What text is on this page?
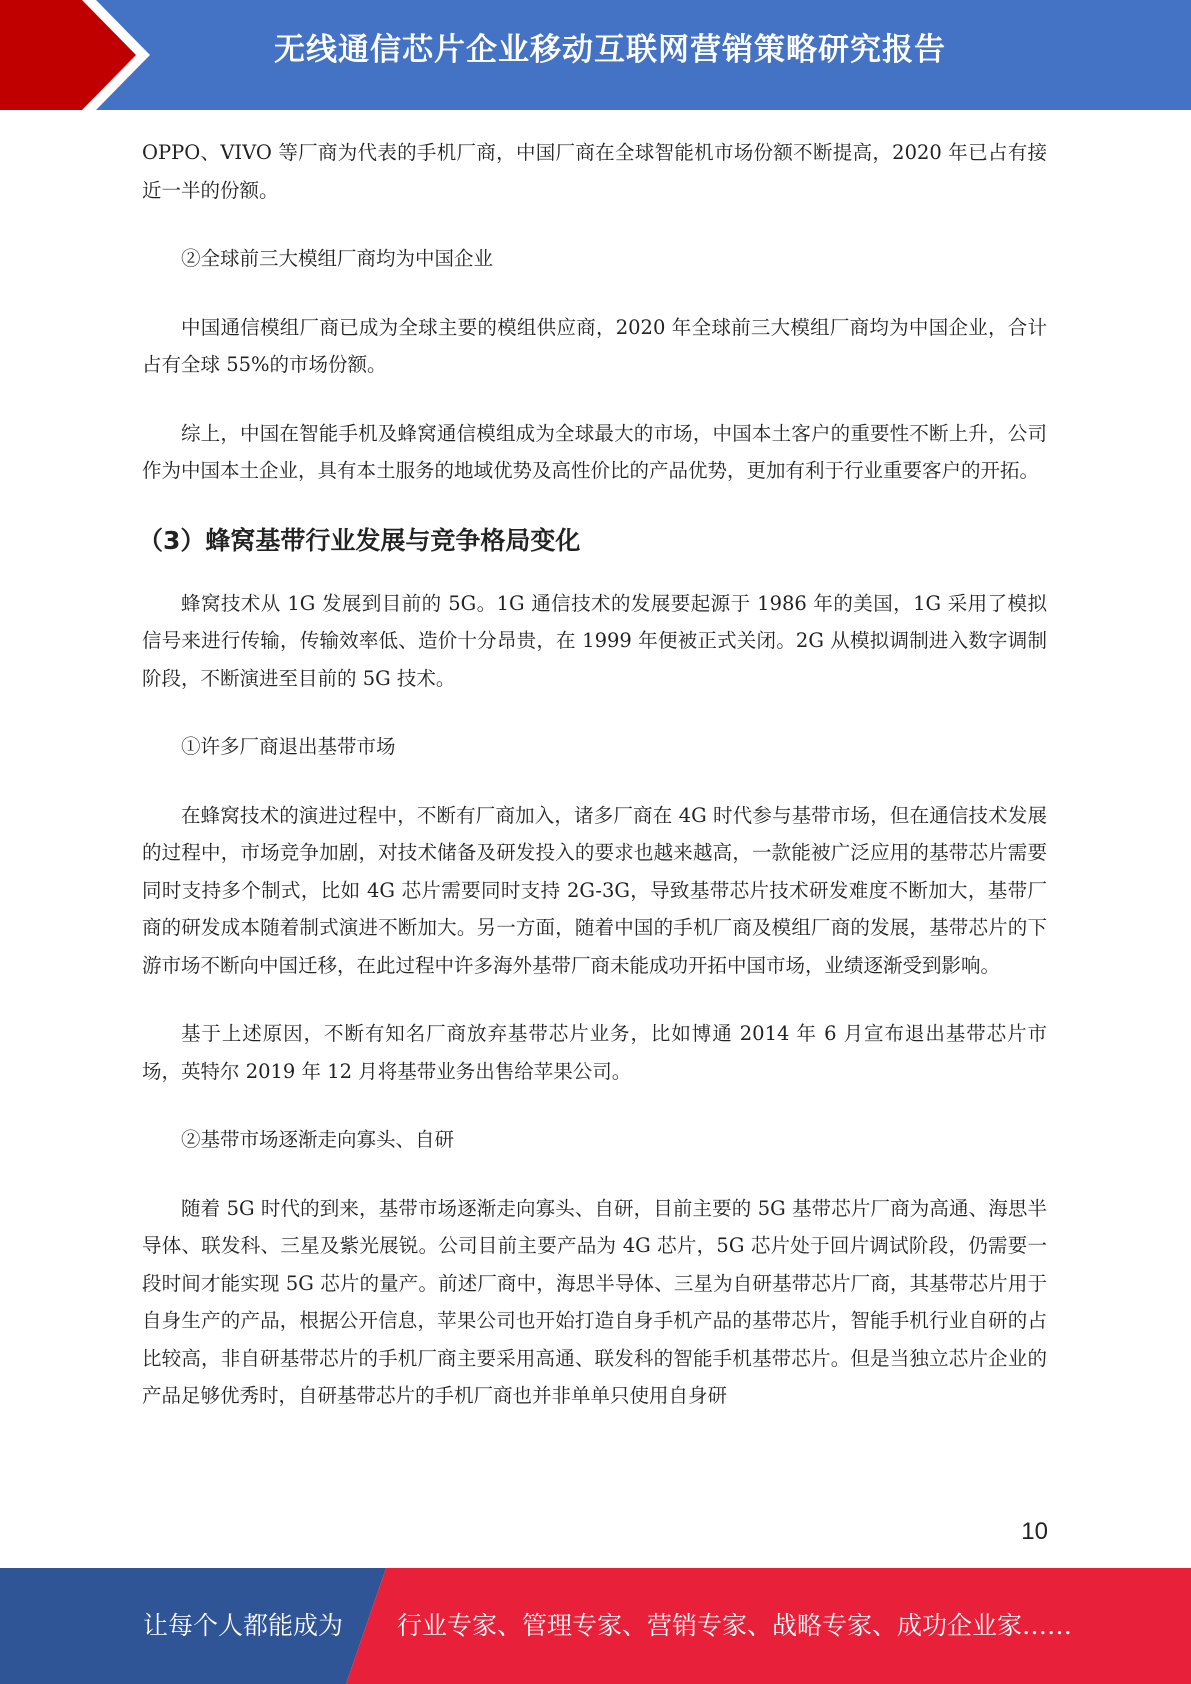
无线通信芯片企业移动互联网营销策略研究报告

OPPO、VIVO 等厂商为代表的手机厂商，中国厂商在全球智能机市场份额不断提高，2020 年已占有接近一半的份额。

②全球前三大模组厂商均为中国企业

中国通信模组厂商已成为全球主要的模组供应商，2020 年全球前三大模组厂商均为中国企业，合计占有全球 55%的市场份额。

综上，中国在智能手机及蜂窝通信模组成为全球最大的市场，中国本土客户的重要性不断上升，公司作为中国本土企业，具有本土服务的地域优势及高性价比的产品优势，更加有利于行业重要客户的开拓。

（3）蜂窝基带行业发展与竞争格局变化

蜂窝技术从 1G 发展到目前的 5G。1G 通信技术的发展要起源于 1986 年的美国，1G 采用了模拟信号来进行传输，传输效率低、造价十分昂贵，在 1999 年便被正式关闭。2G 从模拟调制进入数字调制阶段，不断演进至目前的 5G 技术。

①许多厂商退出基带市场

在蜂窝技术的演进过程中，不断有厂商加入，诸多厂商在 4G 时代参与基带市场，但在通信技术发展的过程中，市场竞争加剧，对技术储备及研发投入的要求也越来越高，一款能被广泛应用的基带芯片需要同时支持多个制式，比如 4G 芯片需要同时支持 2G-3G，导致基带芯片技术研发难度不断加大，基带厂商的研发成本随着制式演进不断加大。另一方面，随着中国的手机厂商及模组厂商的发展，基带芯片的下游市场不断向中国迁移，在此过程中许多海外基带厂商未能成功开拓中国市场，业绩逐渐受到影响。

基于上述原因，不断有知名厂商放弃基带芯片业务，比如博通 2014 年 6 月宣布退出基带芯片市场，英特尔 2019 年 12 月将基带业务出售给苹果公司。

②基带市场逐渐走向寡头、自研

随着 5G 时代的到来，基带市场逐渐走向寡头、自研，目前主要的 5G 基带芯片厂商为高通、海思半导体、联发科、三星及紫光展锐。公司目前主要产品为 4G 芯片，5G 芯片处于回片调试阶段，仍需要一段时间才能实现 5G 芯片的量产。前述厂商中，海思半导体、三星为自研基带芯片厂商，其基带芯片用于自身生产的产品，根据公开信息，苹果公司也开始打造自身手机产品的基带芯片，智能手机行业自研的占比较高，非自研基带芯片的手机厂商主要采用高通、联发科的智能手机基带芯片。但是当独立芯片企业的产品足够优秀时，自研基带芯片的手机厂商也并非单单只使用自身研

10
让每个人都能成为 行业专家、管理专家、营销专家、战略专家、成功企业家……
